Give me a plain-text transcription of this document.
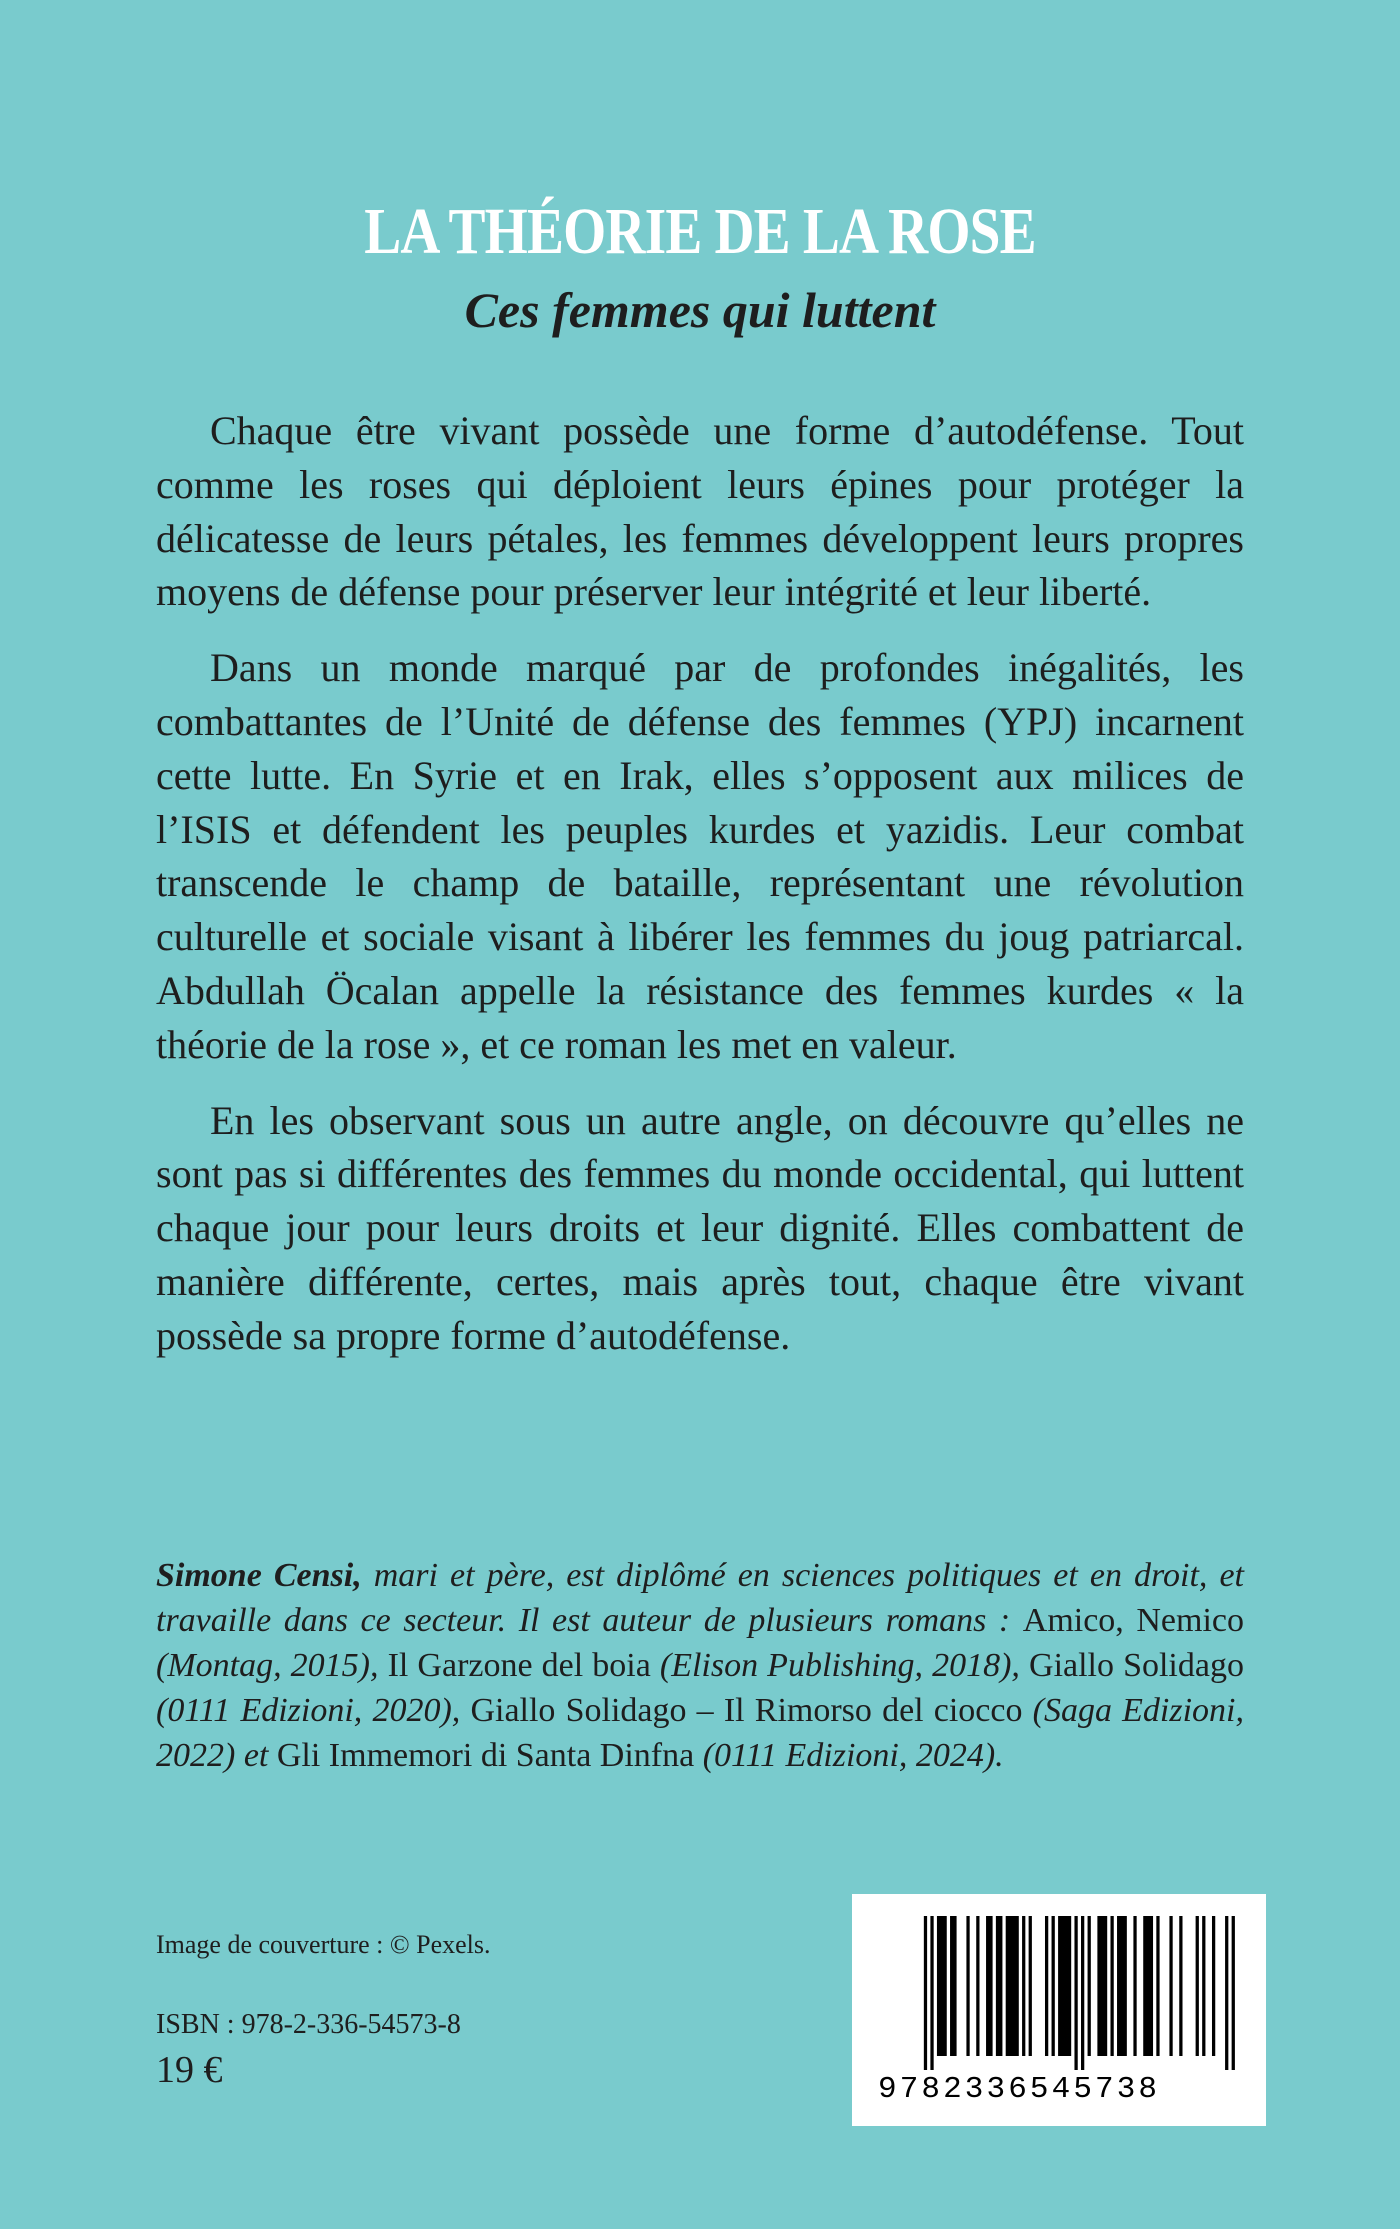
LA THÉORIE DE LA ROSE
Ces femmes qui luttent

Chaque être vivant possède une forme d’autodéfense. Tout comme les roses qui déploient leurs épines pour protéger la délicatesse de leurs pétales, les femmes développent leurs propres moyens de défense pour préserver leur intégrité et leur liberté.

Dans un monde marqué par de profondes inégalités, les combattantes de l’Unité de défense des femmes (YPJ) incarnent cette lutte. En Syrie et en Irak, elles s’opposent aux milices de l’ISIS et défendent les peuples kurdes et yazidis. Leur combat transcende le champ de bataille, représentant une révolution culturelle et sociale visant à libérer les femmes du joug patriarcal. Abdullah Öcalan appelle la résistance des femmes kurdes « la théorie de la rose », et ce roman les met en valeur.

En les observant sous un autre angle, on découvre qu’elles ne sont pas si différentes des femmes du monde occidental, qui luttent chaque jour pour leurs droits et leur dignité. Elles combattent de manière différente, certes, mais après tout, chaque être vivant possède sa propre forme d’autodéfense.

Simone Censi, mari et père, est diplômé en sciences politiques et en droit, et travaille dans ce secteur. Il est auteur de plusieurs romans : Amico, Nemico (Montag, 2015), Il Garzone del boia (Elison Publishing, 2018), Giallo Solidago (0111 Edizioni, 2020), Giallo Solidago – Il Rimorso del ciocco (Saga Edizioni, 2022) et Gli Immemori di Santa Dinfna (0111 Edizioni, 2024).

Image de couverture : © Pexels.
ISBN : 978-2-336-54573-8
19 €	9782336545738
